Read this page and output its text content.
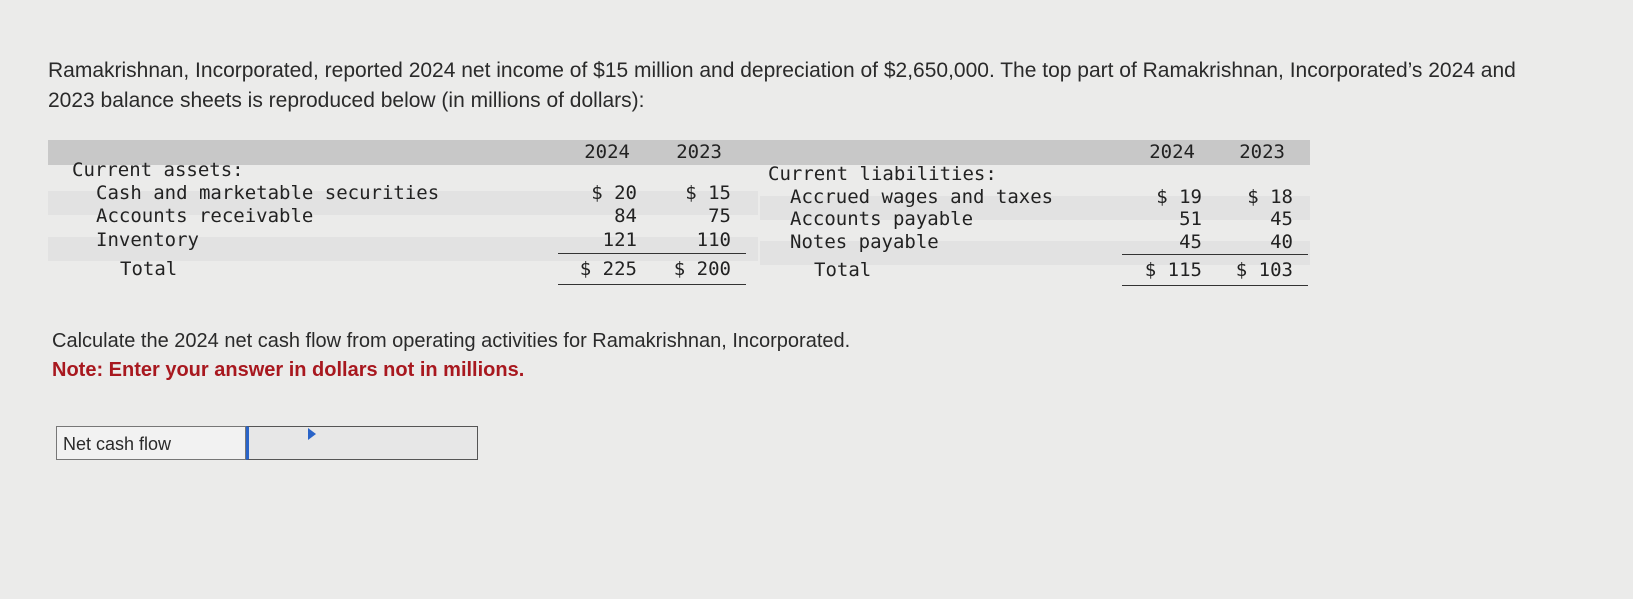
Ramakrishnan, Incorporated, reported 2024 net income of $15 million and depreciation of $2,650,000. The top part of Ramakrishnan, Incorporated’s 2024 and 2023 balance sheets is reproduced below (in millions of dollars):

2024	2023
Current assets:
Cash and marketable securities	$ 20	$ 15
Accounts receivable	84	75
Inventory	121	110
Total	$ 225	$ 200
2024	2023
Current liabilities:
Accrued wages and taxes	$ 19	$ 18
Accounts payable	51	45
Notes payable	45	40
Total	$ 115	$ 103
Calculate the 2024 net cash flow from operating activities for Ramakrishnan, Incorporated.
Note: Enter your answer in dollars not in millions.
Net cash flow
